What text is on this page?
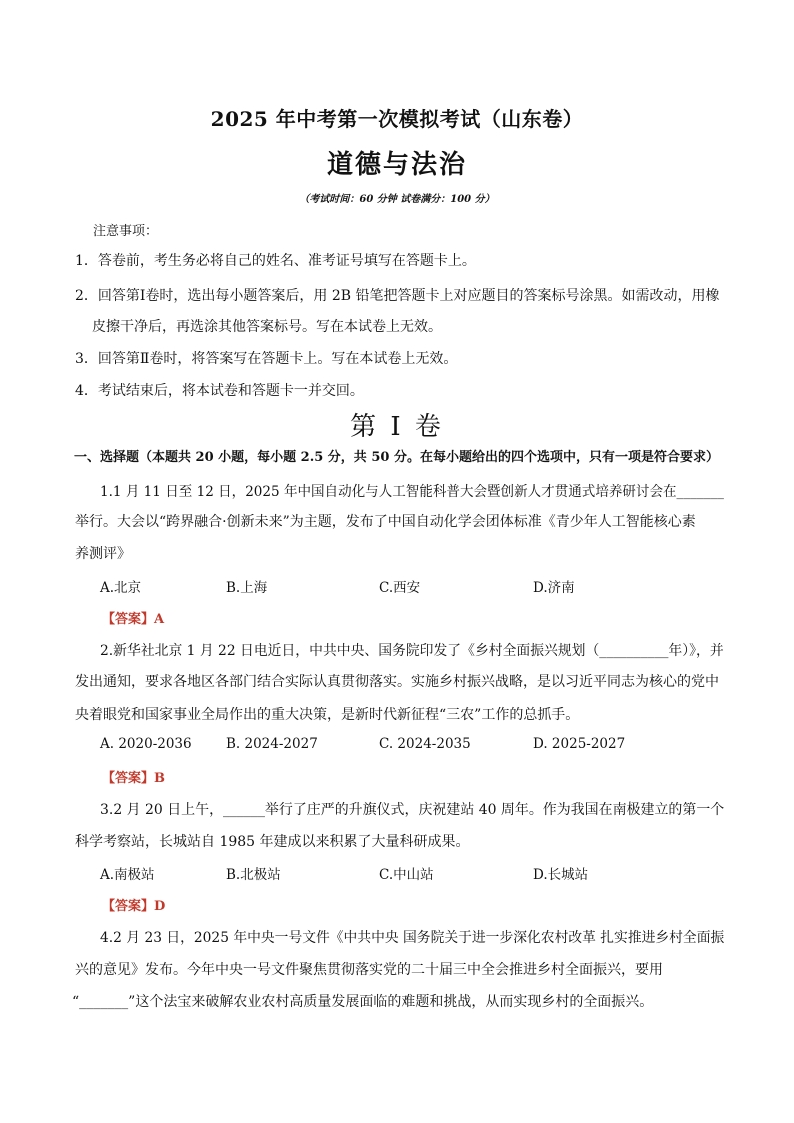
2025 年中考第一次模拟考试（山东卷）
道德与法治
（考试时间：60 分钟 试卷满分：100 分）
注意事项：
1．答卷前，考生务必将自己的姓名、准考证号填写在答题卡上。
2．回答第Ⅰ卷时，选出每小题答案后，用 2B 铅笔把答题卡上对应题目的答案标号涂黑。如需改动，用橡
皮擦干净后，再选涂其他答案标号。写在本试卷上无效。
3．回答第Ⅱ卷时，将答案写在答题卡上。写在本试卷上无效。
4．考试结束后，将本试卷和答题卡一并交回。
第 I 卷
一、选择题（本题共 20 小题，每小题 2.5 分，共 50 分。在每小题给出的四个选项中，只有一项是符合要求）
1.1 月 11 日至 12 日，2025 年中国自动化与人工智能科普大会暨创新人才贯通式培养研讨会在_______
举行。大会以“跨界融合·创新未来”为主题，发布了中国自动化学会团体标准《青少年人工智能核心素
养测评》
A.北京	B.上海	C.西安	D.济南
【答案】A
2.新华社北京 1 月 22 日电近日，中共中央、国务院印发了《乡村全面振兴规划（__________年）》，并
发出通知，要求各地区各部门结合实际认真贯彻落实。实施乡村振兴战略，是以习近平同志为核心的党中
央着眼党和国家事业全局作出的重大决策，是新时代新征程“三农”工作的总抓手。
A. 2020-2036	B. 2024-2027	C. 2024-2035	D. 2025-2027
【答案】B
3.2 月 20 日上午，______举行了庄严的升旗仪式，庆祝建站 40 周年。作为我国在南极建立的第一个
科学考察站，长城站自 1985 年建成以来积累了大量科研成果。
A.南极站	B.北极站	C.中山站	D.长城站
【答案】D
4.2 月 23 日，2025 年中央一号文件《中共中央 国务院关于进一步深化农村改革 扎实推进乡村全面振
兴的意见》发布。今年中央一号文件聚焦贯彻落实党的二十届三中全会推进乡村全面振兴，要用
“_______”这个法宝来破解农业农村高质量发展面临的难题和挑战，从而实现乡村的全面振兴。
